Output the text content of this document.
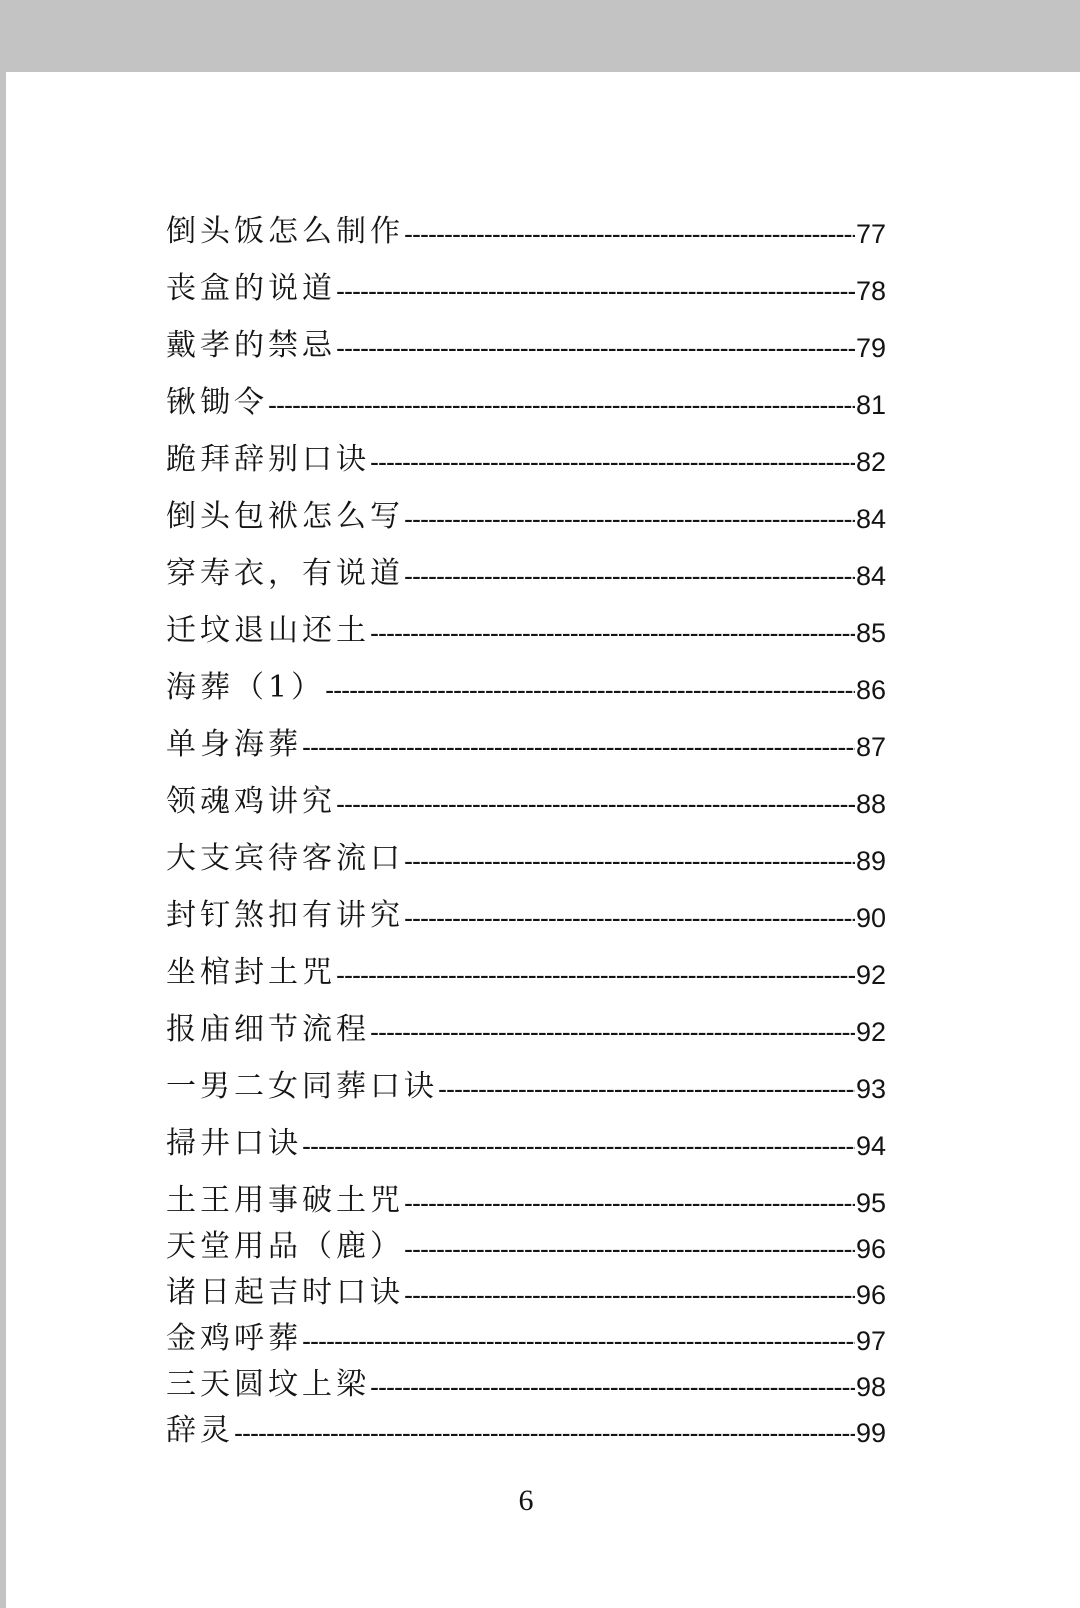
倒头饭怎么制作 -----	77
丧盒的说道 -----	78
戴孝的禁忌 -----	79
锹锄令 -----	81
跪拜辞别口诀 -----	82
倒头包袱怎么写 -----	84
穿寿衣，有说道 -----	84
迁坟退山还土 -----	85
海葬（1） -----	86
单身海葬 -----	87
领魂鸡讲究 -----	88
大支宾待客流口 -----	89
封钉煞扣有讲究 -----	90
坐棺封土咒 -----	92
报庙细节流程 -----	92
一男二女同葬口诀 -----	93
掃井口诀 -----	94
土王用事破土咒 -----	95
天堂用品（鹿） -----	96
诸日起吉时口诀 -----	96
金鸡呼葬 -----	97
三天圆坟上梁 -----	98
辞灵 -----	99
6
